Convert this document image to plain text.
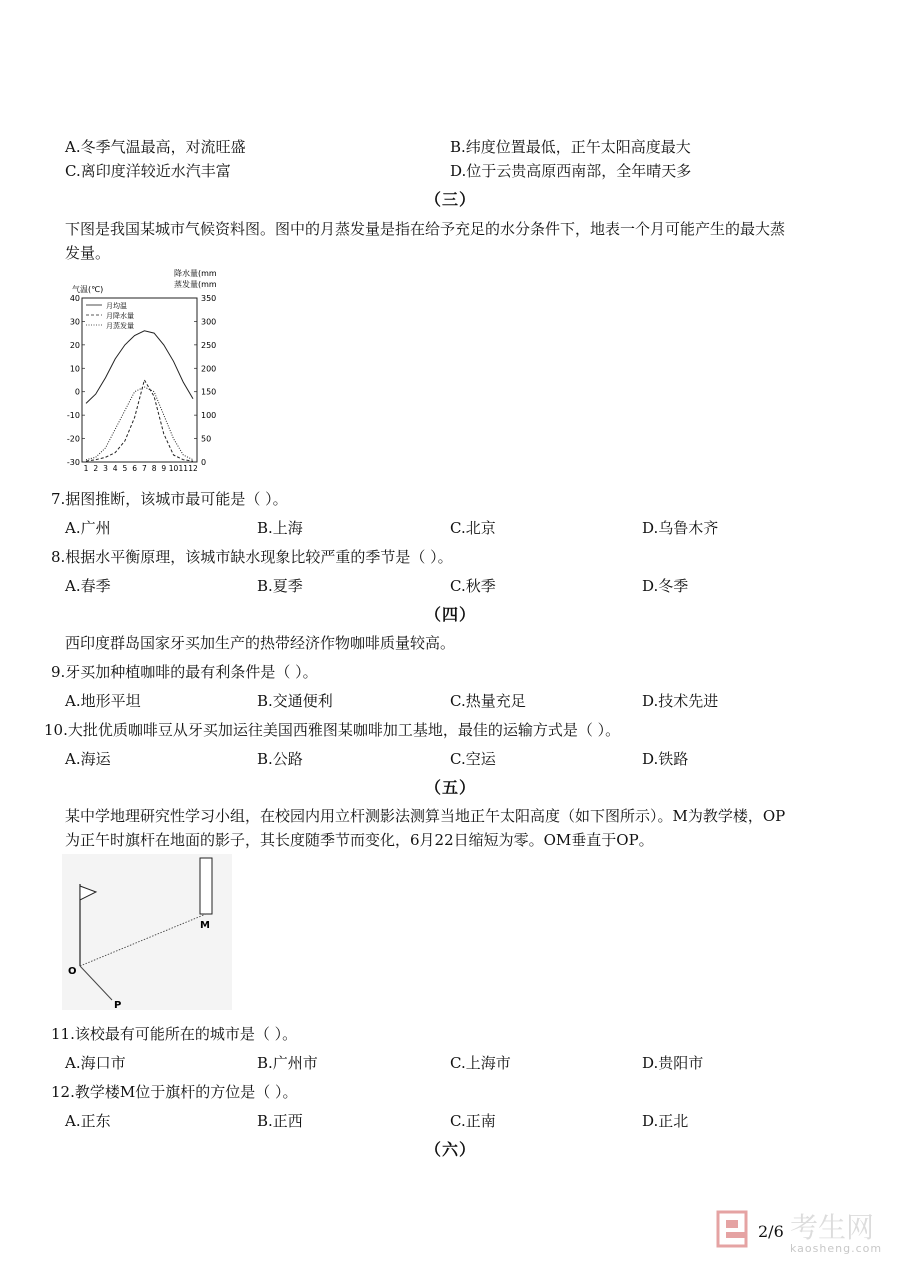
A.冬季气温最高，对流旺盛	B.纬度位置最低，正午太阳高度最大
C.离印度洋较近水汽丰富	D.位于云贵高原西南部，全年晴天多
（三）
下图是我国某城市气候资料图。图中的月蒸发量是指在给予充足的水分条件下，地表一个月可能产生的最大蒸
发量。
气温(℃)
降水量(mm
蒸发量(mm
40
30
20
10
0
-10
-20
-30
350
300
250
200
150
100
50
0
1 2 3 4 5 6 7 8 9 10 11 12
月均温
月降水量
月蒸发量
7.据图推断，该城市最可能是（ ）。
A.广州	B.上海	C.北京	D.乌鲁木齐
8.根据水平衡原理，该城市缺水现象比较严重的季节是（ ）。
A.春季	B.夏季	C.秋季	D.冬季
（四）
西印度群岛国家牙买加生产的热带经济作物咖啡质量较高。
9.牙买加种植咖啡的最有利条件是（ ）。
A.地形平坦	B.交通便利	C.热量充足	D.技术先进
10.大批优质咖啡豆从牙买加运往美国西雅图某咖啡加工基地，最佳的运输方式是（ ）。
A.海运	B.公路	C.空运	D.铁路
（五）
某中学地理研究性学习小组，在校园内用立杆测影法测算当地正午太阳高度（如下图所示）。M为教学楼，OP
为正午时旗杆在地面的影子，其长度随季节而变化，6月22日缩短为零。OM垂直于OP。
M
O
P
11.该校最有可能所在的城市是（ ）。
A.海口市	B.广州市	C.上海市	D.贵阳市
12.教学楼M位于旗杆的方位是（ ）。
A.正东	B.正西	C.正南	D.正北
（六）
2/6 考生网
kaosheng.com
